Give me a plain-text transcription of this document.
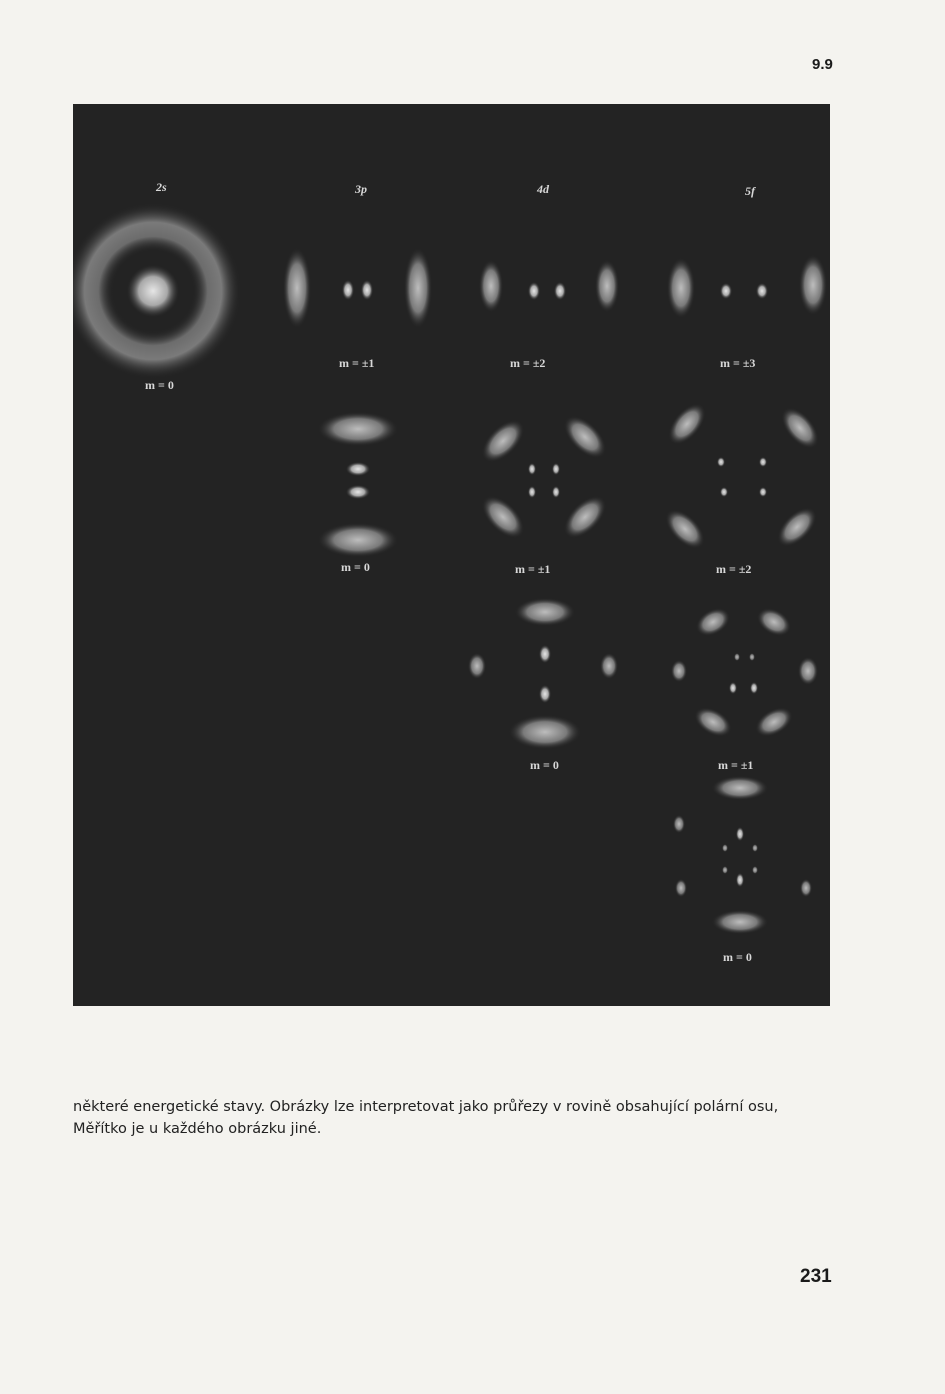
9.9
2s	3p	4d	5f
m = 0
m = ±1	m = ±2	m = ±3
m = 0	m = ±1	m = ±2
m = 0	m = ±1
m = 0

některé energetické stavy. Obrázky lze interpretovat jako průřezy v rovině obsahující polární osu,

Měřítko je u každého obrázku jiné.

231
